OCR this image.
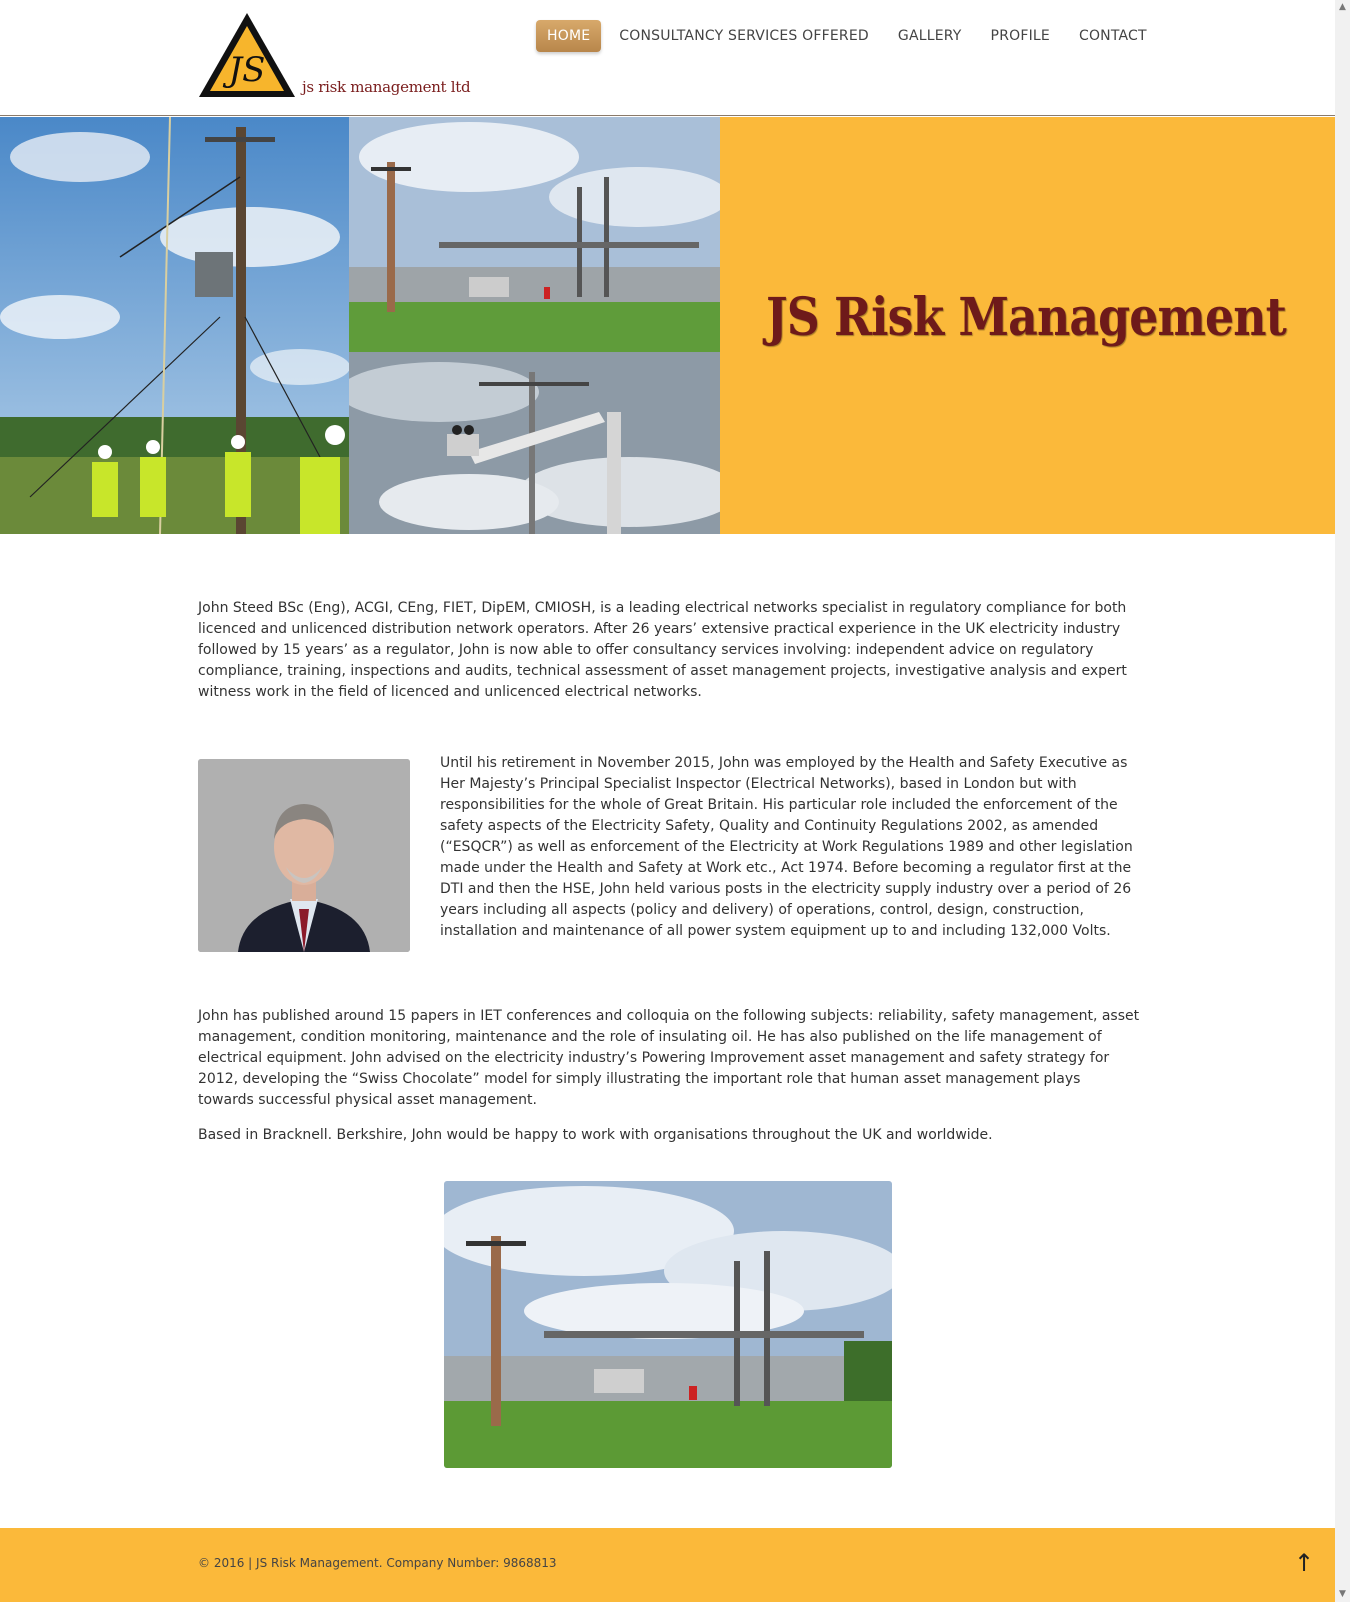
JS js risk management ltd
HOME	CONSULTANCY SERVICES OFFERED	GALLERY	PROFILE	CONTACT
JS Risk Management

John Steed BSc (Eng), ACGI, CEng, FIET, DipEM, CMIOSH, is a leading electrical networks specialist in regulatory compliance for both licenced and unlicenced distribution network operators. After 26 years’ extensive practical experience in the UK electricity industry followed by 15 years’ as a regulator, John is now able to offer consultancy services involving: independent advice on regulatory compliance, training, inspections and audits, technical assessment of asset management projects, investigative analysis and expert witness work in the field of licenced and unlicenced electrical networks.

Until his retirement in November 2015, John was employed by the Health and Safety Executive as Her Majesty’s Principal Specialist Inspector (Electrical Networks), based in London but with responsibilities for the whole of Great Britain. His particular role included the enforcement of the safety aspects of the Electricity Safety, Quality and Continuity Regulations 2002, as amended (“ESQCR”) as well as enforcement of the Electricity at Work Regulations 1989 and other legislation made under the Health and Safety at Work etc., Act 1974. Before becoming a regulator first at the DTI and then the HSE, John held various posts in the electricity supply industry over a period of 26 years including all aspects (policy and delivery) of operations, control, design, construction, installation and maintenance of all power system equipment up to and including 132,000 Volts.

John has published around 15 papers in IET conferences and colloquia on the following subjects: reliability, safety management, asset management, condition monitoring, maintenance and the role of insulating oil. He has also published on the life management of electrical equipment. John advised on the electricity industry’s Powering Improvement asset management and safety strategy for 2012, developing the “Swiss Chocolate” model for simply illustrating the important role that human asset management plays towards successful physical asset management.

Based in Bracknell. Berkshire, John would be happy to work with organisations throughout the UK and worldwide.

© 2016 | JS Risk Management. Company Number: 9868813	↑
▲
▼
